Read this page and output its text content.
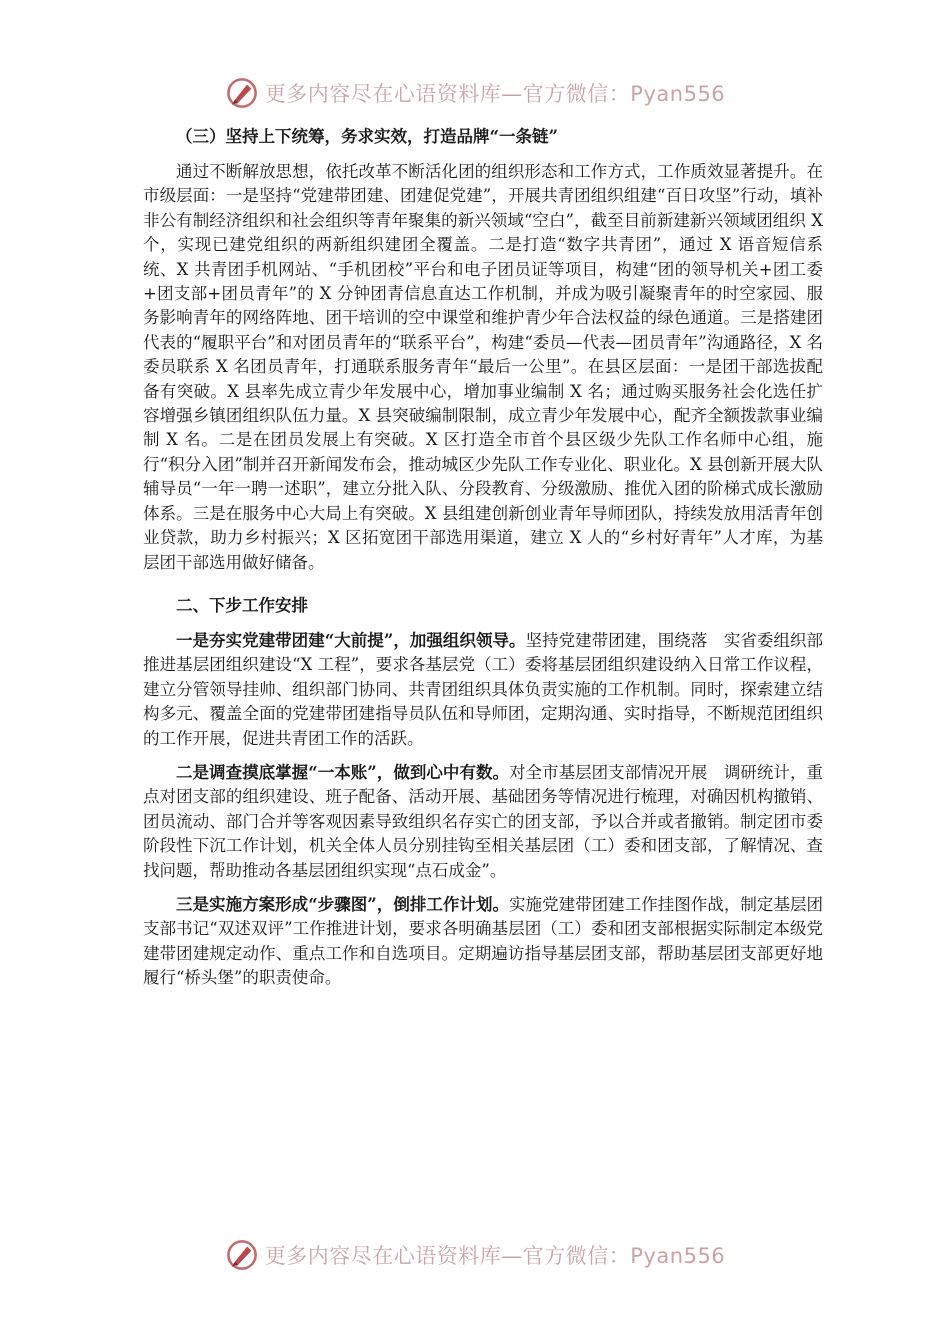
更多内容尽在心语资料库—官方微信：Pyan556
（三）坚持上下统筹，务求实效，打造品牌“一条链”

通过不断解放思想，依托改革不断活化团的组织形态和工作方式，工作质效显著提升。在市级层面：一是坚持“党建带团建、团建促党建”，开展共青团组织组建“百日攻坚”行动，填补非公有制经济组织和社会组织等青年聚集的新兴领域“空白”，截至目前新建新兴领域团组织 X 个，实现已建党组织的两新组织建团全覆盖。二是打造“数字共青团”，通过 X 语音短信系统、X 共青团手机网站、“手机团校”平台和电子团员证等项目，构建“团的领导机关+团工委+团支部+团员青年”的 X 分钟团青信息直达工作机制，并成为吸引凝聚青年的时空家园、服务影响青年的网络阵地、团干培训的空中课堂和维护青少年合法权益的绿色通道。三是搭建团代表的“履职平台”和对团员青年的“联系平台”，构建“委员—代表—团员青年”沟通路径，X 名委员联系 X 名团员青年，打通联系服务青年“最后一公里”。在县区层面：一是团干部选拔配备有突破。X 县率先成立青少年发展中心，增加事业编制 X 名；通过购买服务社会化选任扩容增强乡镇团组织队伍力量。X 县突破编制限制，成立青少年发展中心，配齐全额拨款事业编制 X 名。二是在团员发展上有突破。X 区打造全市首个县区级少先队工作名师中心组，施行“积分入团”制并召开新闻发布会，推动城区少先队工作专业化、职业化。X 县创新开展大队辅导员“一年一聘一述职”，建立分批入队、分段教育、分级激励、推优入团的阶梯式成长激励体系。三是在服务中心大局上有突破。X 县组建创新创业青年导师团队，持续发放用活青年创业贷款，助力乡村振兴；X 区拓宽团干部选用渠道，建立 X 人的“乡村好青年”人才库，为基层团干部选用做好储备。

二、下步工作安排

一是夯实党建带团建“大前提”，加强组织领导。坚持党建带团建，围绕落　实省委组织部推进基层团组织建设“X 工程”，要求各基层党（工）委将基层团组织建设纳入日常工作议程，建立分管领导挂帅、组织部门协同、共青团组织具体负责实施的工作机制。同时，探索建立结构多元、覆盖全面的党建带团建指导员队伍和导师团，定期沟通、实时指导，不断规范团组织的工作开展，促进共青团工作的活跃。

二是调查摸底掌握“一本账”，做到心中有数。对全市基层团支部情况开展　调研统计，重点对团支部的组织建设、班子配备、活动开展、基础团务等情况进行梳理，对确因机构撤销、团员流动、部门合并等客观因素导致组织名存实亡的团支部，予以合并或者撤销。制定团市委阶段性下沉工作计划，机关全体人员分别挂钩至相关基层团（工）委和团支部，了解情况、查找问题，帮助推动各基层团组织实现“点石成金”。

三是实施方案形成“步骤图”，倒排工作计划。实施党建带团建工作挂图作战，制定基层团支部书记“双述双评”工作推进计划，要求各明确基层团（工）委和团支部根据实际制定本级党建带团建规定动作、重点工作和自选项目。定期遍访指导基层团支部，帮助基层团支部更好地履行“桥头堡”的职责使命。

更多内容尽在心语资料库—官方微信：Pyan556
